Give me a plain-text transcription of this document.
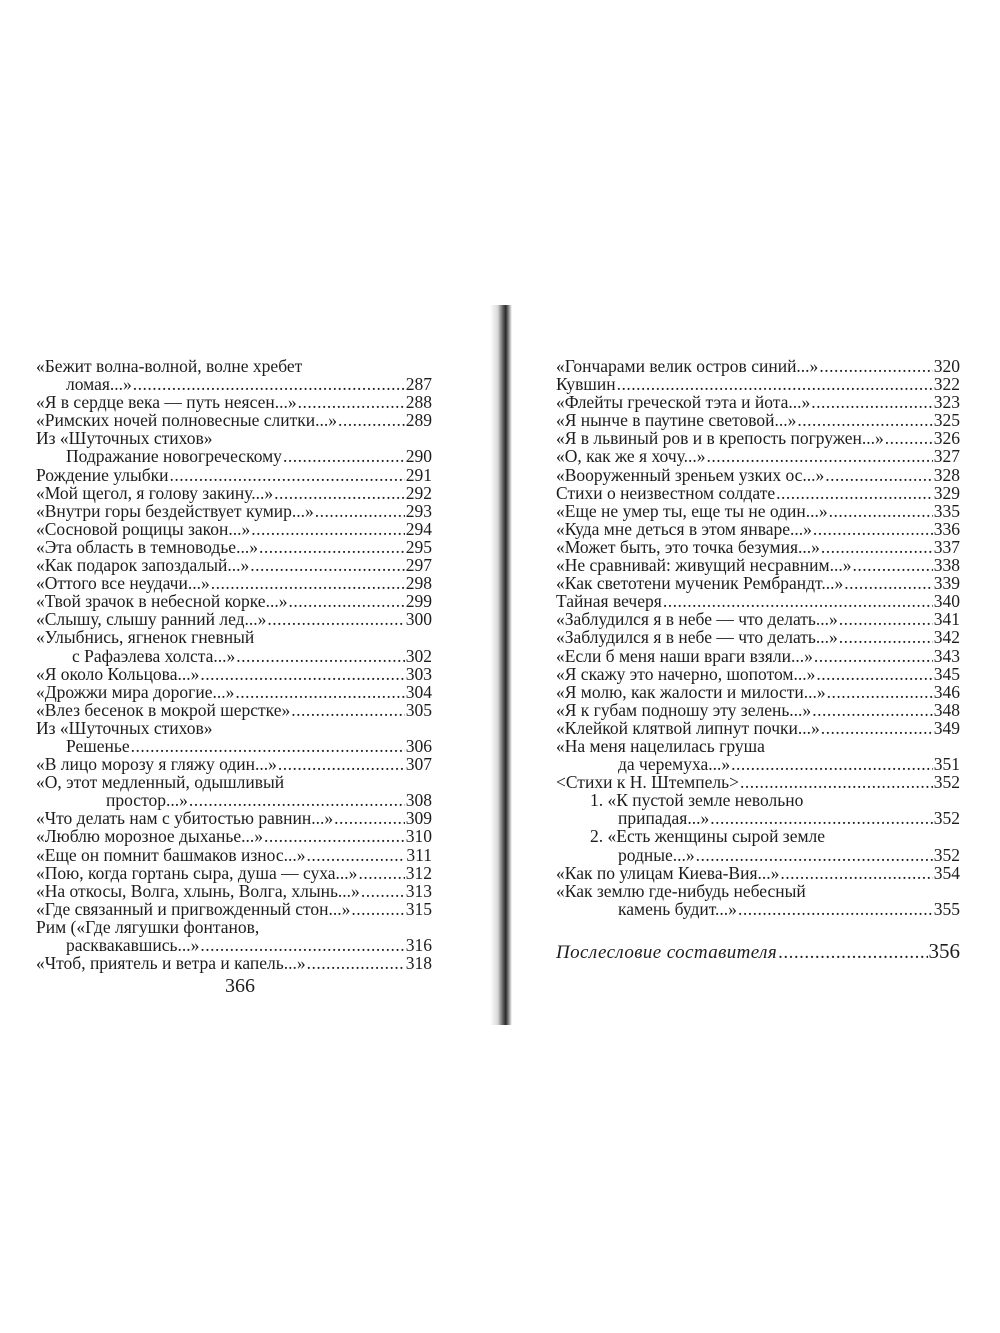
«Бежит волна-волной, волне хребет
ломая...» .....	287
«Я в сердце века — путь неясен...» .....	288
«Римских ночей полновесные слитки...» .....	289
Из «Шуточных стихов»
Подражание новогреческому .....	290
Рождение улыбки .....	291
«Мой щегол, я голову закину...» .....	292
«Внутри горы бездействует кумир...» .....	293
«Сосновой рощицы закон...» .....	294
«Эта область в темноводье...» .....	295
«Как подарок запоздалый...» .....	297
«Оттого все неудачи...» .....	298
«Твой зрачок в небесной корке...» .....	299
«Слышу, слышу ранний лед...» .....	300
«Улыбнись, ягненок гневный
с Рафаэлева холста...» .....	302
«Я около Кольцова...» .....	303
«Дрожжи мира дорогие...» .....	304
«Влез бесенок в мокрой шерстке» .....	305
Из «Шуточных стихов»
Решенье .....	306
«В лицо морозу я гляжу один...» .....	307
«О, этот медленный, одышливый
простор...» .....	308
«Что делать нам с убитостью равнин...» .....	309
«Люблю морозное дыханье...» .....	310
«Еще он помнит башмаков износ...» .....	311
«Пою, когда гортань сыра, душа — суха...» .....	312
«На откосы, Волга, хлынь, Волга, хлынь...» .....	313
«Где связанный и пригвожденный стон...» .....	315
Рим («Где лягушки фонтанов,
расквакавшись...» .....	316
«Чтоб, приятель и ветра и капель...» .....	318
366
«Гончарами велик остров синий...» .....	320
Кувшин .....	322
«Флейты греческой тэта и йота...» .....	323
«Я нынче в паутине световой...» .....	325
«Я в львиный ров и в крепость погружен...» .....	326
«О, как же я хочу...» .....	327
«Вооруженный зреньем узких ос...» .....	328
Стихи о неизвестном солдате .....	329
«Еще не умер ты, еще ты не один...» .....	335
«Куда мне деться в этом январе...» .....	336
«Может быть, это точка безумия...» .....	337
«Не сравнивай: живущий несравним...» .....	338
«Как светотени мученик Рембрандт...» .....	339
Тайная вечеря .....	340
«Заблудился я в небе — что делать...» .....	341
«Заблудился я в небе — что делать...» .....	342
«Если б меня наши враги взяли...» .....	343
«Я скажу это начерно, шопотом...» .....	345
«Я молю, как жалости и милости...» .....	346
«Я к губам подношу эту зелень...» .....	348
«Клейкой клятвой липнут почки...» .....	349
«На меня нацелилась груша
да черемуха...» .....	351
<Стихи к Н. Штемпель> .....	352
1. «К пустой земле невольно
припадая...» .....	352
2. «Есть женщины сырой земле
родные...» .....	352
«Как по улицам Киева-Вия...» .....	354
«Как землю где-нибудь небесный
камень будит...» .....	355
Послесловие составителя .....	356
